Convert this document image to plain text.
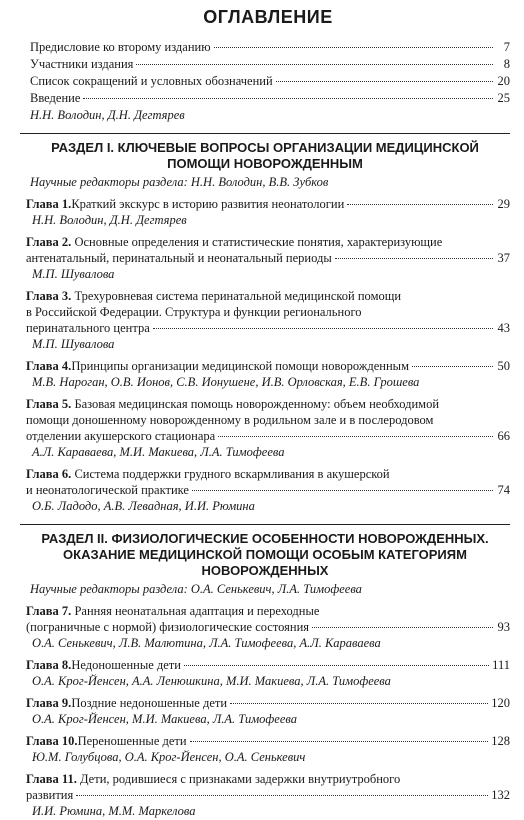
ОГЛАВЛЕНИЕ
Предисловие ко второму изданию	7
Участники издания	8
Список сокращений и условных обозначений	20
Введение	25
Н.Н. Володин, Д.Н. Дегтярев
РАЗДЕЛ I. КЛЮЧЕВЫЕ ВОПРОСЫ ОРГАНИЗАЦИИ МЕДИЦИНСКОЙ ПОМОЩИ НОВОРОЖДЕННЫМ
Научные редакторы раздела: Н.Н. Володин, В.В. Зубков
Глава 1. Краткий экскурс в историю развития неонатологии	29
Н.Н. Володин, Д.Н. Дегтярев
Глава 2. Основные определения и статистические понятия, характеризующие
антенатальный, перинатальный и неонатальный периоды	37
М.П. Шувалова
Глава 3. Трехуровневая система перинатальной медицинской помощи
в Российской Федерации. Структура и функции регионального
перинатального центра	43
М.П. Шувалова
Глава 4. Принципы организации медицинской помощи новорожденным	50
М.В. Нароган, О.В. Ионов, С.В. Ионушене, И.В. Орловская, Е.В. Грошева
Глава 5. Базовая медицинская помощь новорожденному: объем необходимой
помощи доношенному новорожденному в родильном зале и в послеродовом
отделении акушерского стационара	66
А.Л. Караваева, М.И. Макиева, Л.А. Тимофеева
Глава 6. Система поддержки грудного вскармливания в акушерской
и неонатологической практике	74
О.Б. Ладодо, А.В. Левадная, И.И. Рюмина
РАЗДЕЛ II. ФИЗИОЛОГИЧЕСКИЕ ОСОБЕННОСТИ НОВОРОЖДЕННЫХ. ОКАЗАНИЕ МЕДИЦИНСКОЙ ПОМОЩИ ОСОБЫМ КАТЕГОРИЯМ НОВОРОЖДЕННЫХ
Научные редакторы раздела: О.А. Сенькевич, Л.А. Тимофеева
Глава 7. Ранняя неонатальная адаптация и переходные
(пограничные с нормой) физиологические состояния	93
О.А. Сенькевич, Л.В. Малютина, Л.А. Тимофеева, А.Л. Караваева
Глава 8. Недоношенные дети	111
О.А. Крог-Йенсен, А.А. Ленюшкина, М.И. Макиева, Л.А. Тимофеева
Глава 9. Поздние недоношенные дети	120
О.А. Крог-Йенсен, М.И. Макиева, Л.А. Тимофеева
Глава 10. Переношенные дети	128
Ю.М. Голубцова, О.А. Крог-Йенсен, О.А. Сенькевич
Глава 11. Дети, родившиеся с признаками задержки внутриутробного
развития	132
И.И. Рюмина, М.М. Маркелова
